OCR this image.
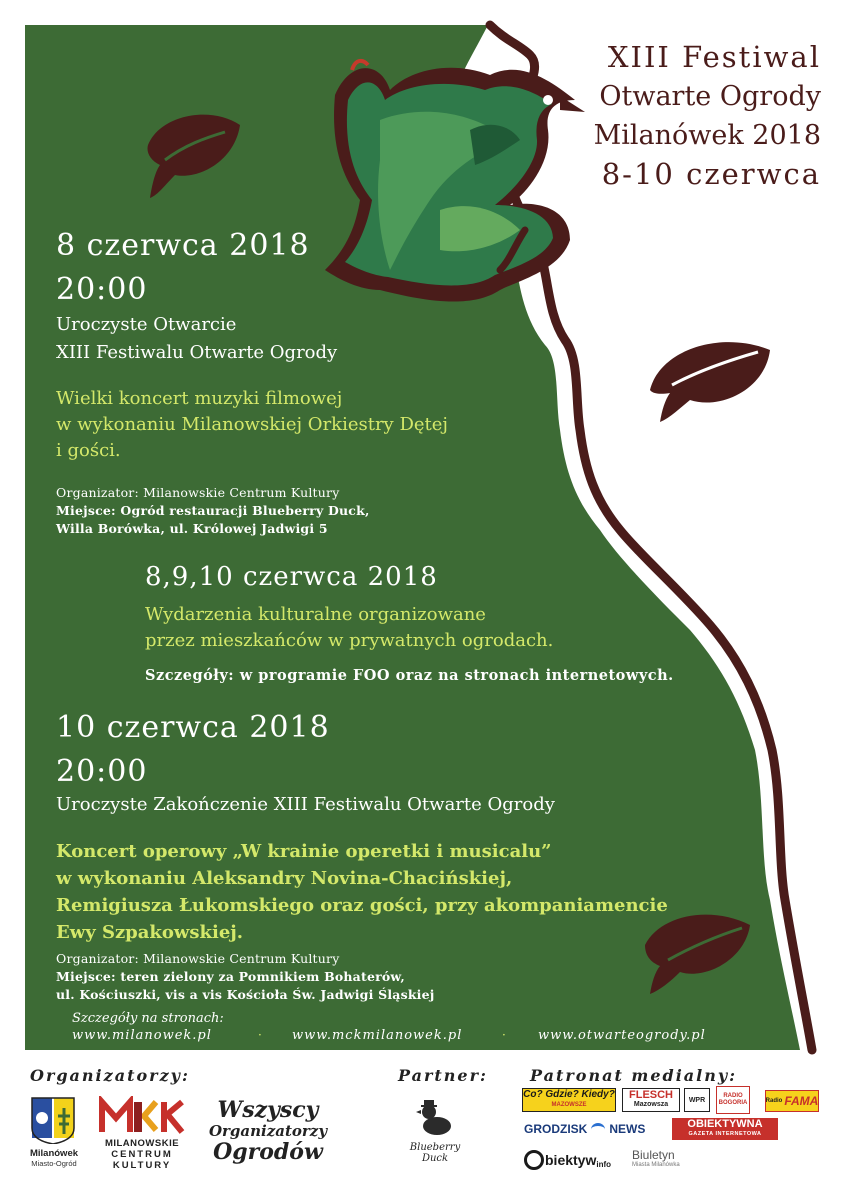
XIII Festiwal
Otwarte Ogrody
Milanówek 2018
8-10 czerwca
8 czerwca 2018
20:00
Uroczyste Otwarcie
XIII Festiwalu Otwarte Ogrody
Wielki koncert muzyki filmowej
w wykonaniu Milanowskiej Orkiestry Dętej
i gości.
Organizator: Milanowskie Centrum Kultury
Miejsce: Ogród restauracji Blueberry Duck,
Willa Borówka, ul. Królowej Jadwigi 5
8,9,10 czerwca 2018
Wydarzenia kulturalne organizowane
przez mieszkańców w prywatnych ogrodach.
Szczegóły: w programie FOO oraz na stronach internetowych.
10 czerwca 2018
20:00
Uroczyste Zakończenie XIII Festiwalu Otwarte Ogrody
Koncert operowy „W krainie operetki i musicalu”
w wykonaniu Aleksandry Novina-Chacińskiej,
Remigiusza Łukomskiego oraz gości, przy akompaniamencie
Ewy Szpakowskiej.
Organizator: Milanowskie Centrum Kultury
Miejsce: teren zielony za Pomnikiem Bohaterów,
ul. Kościuszki, vis a vis Kościoła Św. Jadwigi Śląskiej
Szczegóły na stronach:
www.milanowek.pl	· www.mckmilanowek.pl	· www.otwarteogrody.pl
Organizatorzy:	Partner:	Patronat medialny:
Milanówek
Miasto-Ogród
MILANOWSKIE
CENTRUM
KULTURY
Wszyscy
Organizatorzy
Ogrodów	Blueberry
Duck
Co? Gdzie? Kiedy?
MAZOWSZE
FLESCH
Mazowsza
WPR
RADIO BOGORIA	Radio FAMA
GRODZISK NEWS	OBIEKTYWNA
GAZETA INTERNETOWA
biektyw info
Biuletyn
Miasta Milanówka
